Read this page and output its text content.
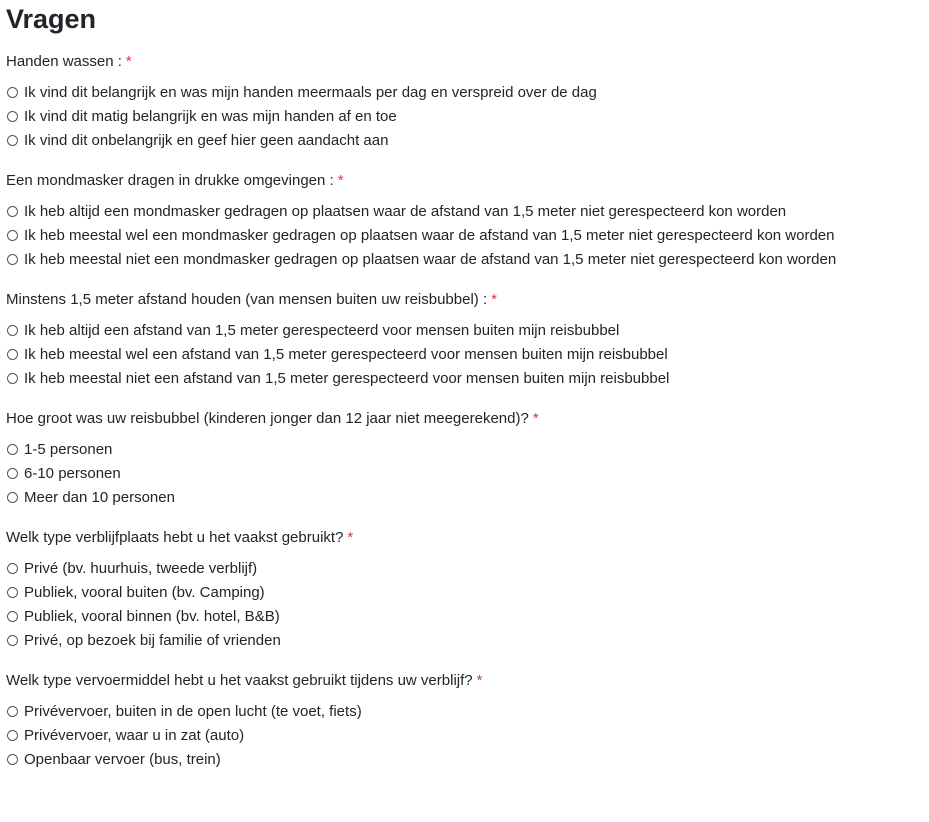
Vragen
Handen wassen : *
Ik vind dit belangrijk en was mijn handen meermaals per dag en verspreid over de dag
Ik vind dit matig belangrijk en was mijn handen af en toe
Ik vind dit onbelangrijk en geef hier geen aandacht aan
Een mondmasker dragen in drukke omgevingen : *
Ik heb altijd een mondmasker gedragen op plaatsen waar de afstand van 1,5 meter niet gerespecteerd kon worden
Ik heb meestal wel een mondmasker gedragen op plaatsen waar de afstand van 1,5 meter niet gerespecteerd kon worden
Ik heb meestal niet een mondmasker gedragen op plaatsen waar de afstand van 1,5 meter niet gerespecteerd kon worden
Minstens 1,5 meter afstand houden (van mensen buiten uw reisbubbel) : *
Ik heb altijd een afstand van 1,5 meter gerespecteerd voor mensen buiten mijn reisbubbel
Ik heb meestal wel een afstand van 1,5 meter gerespecteerd voor mensen buiten mijn reisbubbel
Ik heb meestal niet een afstand van 1,5 meter gerespecteerd voor mensen buiten mijn reisbubbel
Hoe groot was uw reisbubbel (kinderen jonger dan 12 jaar niet meegerekend)? *
1-5 personen
6-10 personen
Meer dan 10 personen
Welk type verblijfplaats hebt u het vaakst gebruikt? *
Privé (bv. huurhuis, tweede verblijf)
Publiek, vooral buiten (bv. Camping)
Publiek, vooral binnen (bv. hotel, B&B)
Privé, op bezoek bij familie of vrienden
Welk type vervoermiddel hebt u het vaakst gebruikt tijdens uw verblijf? *
Privévervoer, buiten in de open lucht (te voet, fiets)
Privévervoer, waar u in zat (auto)
Openbaar vervoer (bus, trein)
